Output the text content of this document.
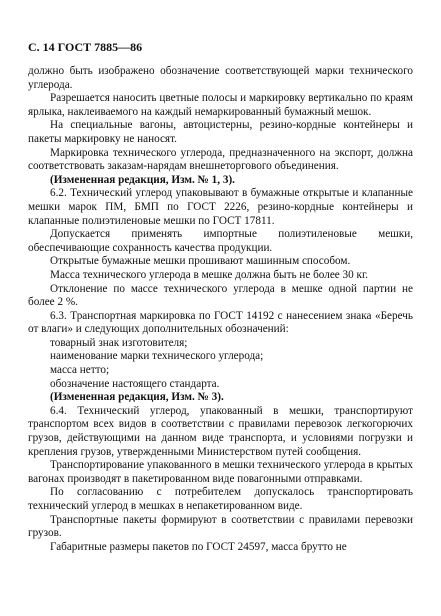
С. 14 ГОСТ 7885—86

должно быть изображено обозначение соответствующей марки технического углерода.

Разрешается наносить цветные полосы и маркировку вертикально по краям ярлыка, наклеиваемого на каждый немаркированный бумажный мешок.

На специальные вагоны, автоцистерны, резино-кордные контейнеры и пакеты маркировку не наносят.

Маркировка технического углерода, предназначенного на экспорт, должна соответствовать заказам-нарядам внешнеторгового объединения.

(Измененная редакция, Изм. № 1, 3).

6.2. Технический углерод упаковывают в бумажные открытые и клапанные мешки марок ПМ, БМП по ГОСТ 2226, резино-кордные контейнеры и клапанные полиэтиленовые мешки по ГОСТ 17811.

Допускается применять импортные полиэтиленовые мешки, обеспечивающие сохранность качества продукции.

Открытые бумажные мешки прошивают машинным способом.

Масса технического углерода в мешке должна быть не более 30 кг.

Отклонение по массе технического углерода в мешке одной партии не более 2 %.

6.3. Транспортная маркировка по ГОСТ 14192 с нанесением знака «Беречь от влаги» и следующих дополнительных обозначений:

товарный знак изготовителя;

наименование марки технического углерода;

масса нетто;

обозначение настоящего стандарта.

(Измененная редакция, Изм. № 3).

6.4. Технический углерод, упакованный в мешки, транспортируют транспортом всех видов в соответствии с правилами перевозок легкогорючих грузов, действующими на данном виде транспорта, и условиями погрузки и крепления грузов, утвержденными Министерством путей сообщения.

Транспортирование упакованного в мешки технического углерода в крытых вагонах производят в пакетированном виде повагонными отправками.

По согласованию с потребителем допускалось транспортировать технический углерод в мешках в непакетированном виде.

Транспортные пакеты формируют в соответствии с правилами перевозки грузов.

Габаритные размеры пакетов по ГОСТ 24597, масса брутто не
